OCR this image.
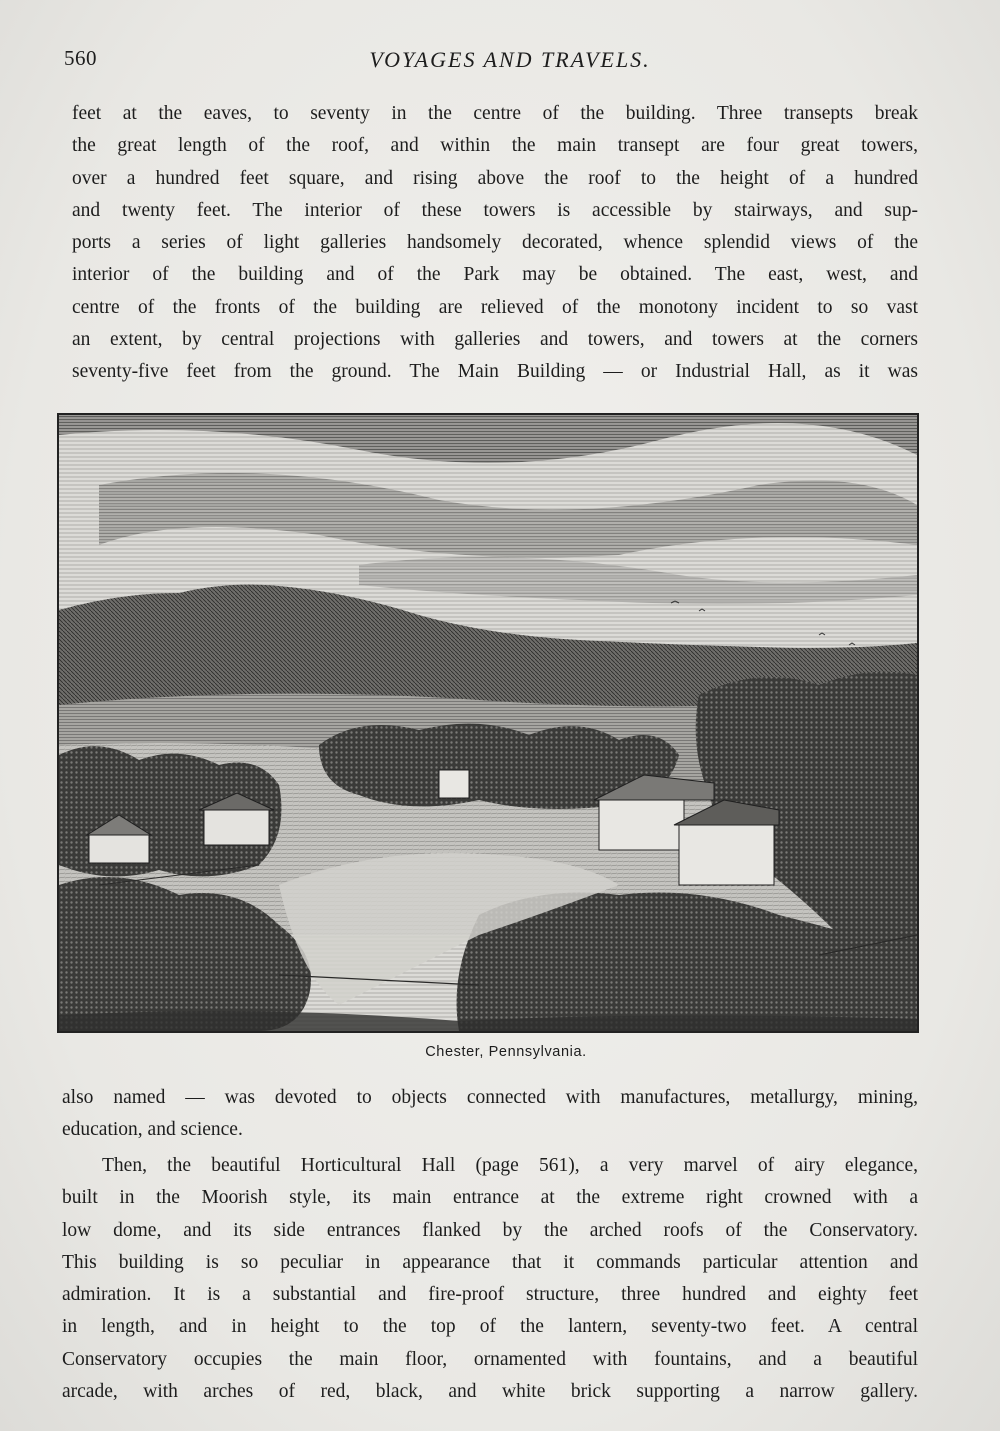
560	VOYAGES AND TRAVELS.
feet at the eaves, to seventy in the centre of the building. Three transepts break
the great length of the roof, and within the main transept are four great towers,
over a hundred feet square, and rising above the roof to the height of a hundred
and twenty feet. The interior of these towers is accessible by stairways, and sup-
ports a series of light galleries handsomely decorated, whence splendid views of the
interior of the building and of the Park may be obtained. The east, west, and
centre of the fronts of the building are relieved of the monotony incident to so vast
an extent, by central projections with galleries and towers, and towers at the corners
seventy-five feet from the ground. The Main Building — or Industrial Hall, as it was
Chester, Pennsylvania.
also named — was devoted to objects connected with manufactures, metallurgy, mining,
education, and science.
Then, the beautiful Horticultural Hall (page 561), a very marvel of airy elegance,
built in the Moorish style, its main entrance at the extreme right crowned with a
low dome, and its side entrances flanked by the arched roofs of the Conservatory.
This building is so peculiar in appearance that it commands particular attention and
admiration. It is a substantial and fire-proof structure, three hundred and eighty feet
in length, and in height to the top of the lantern, seventy-two feet. A central
Conservatory occupies the main floor, ornamented with fountains, and a beautiful
arcade, with arches of red, black, and white brick supporting a narrow gallery.
